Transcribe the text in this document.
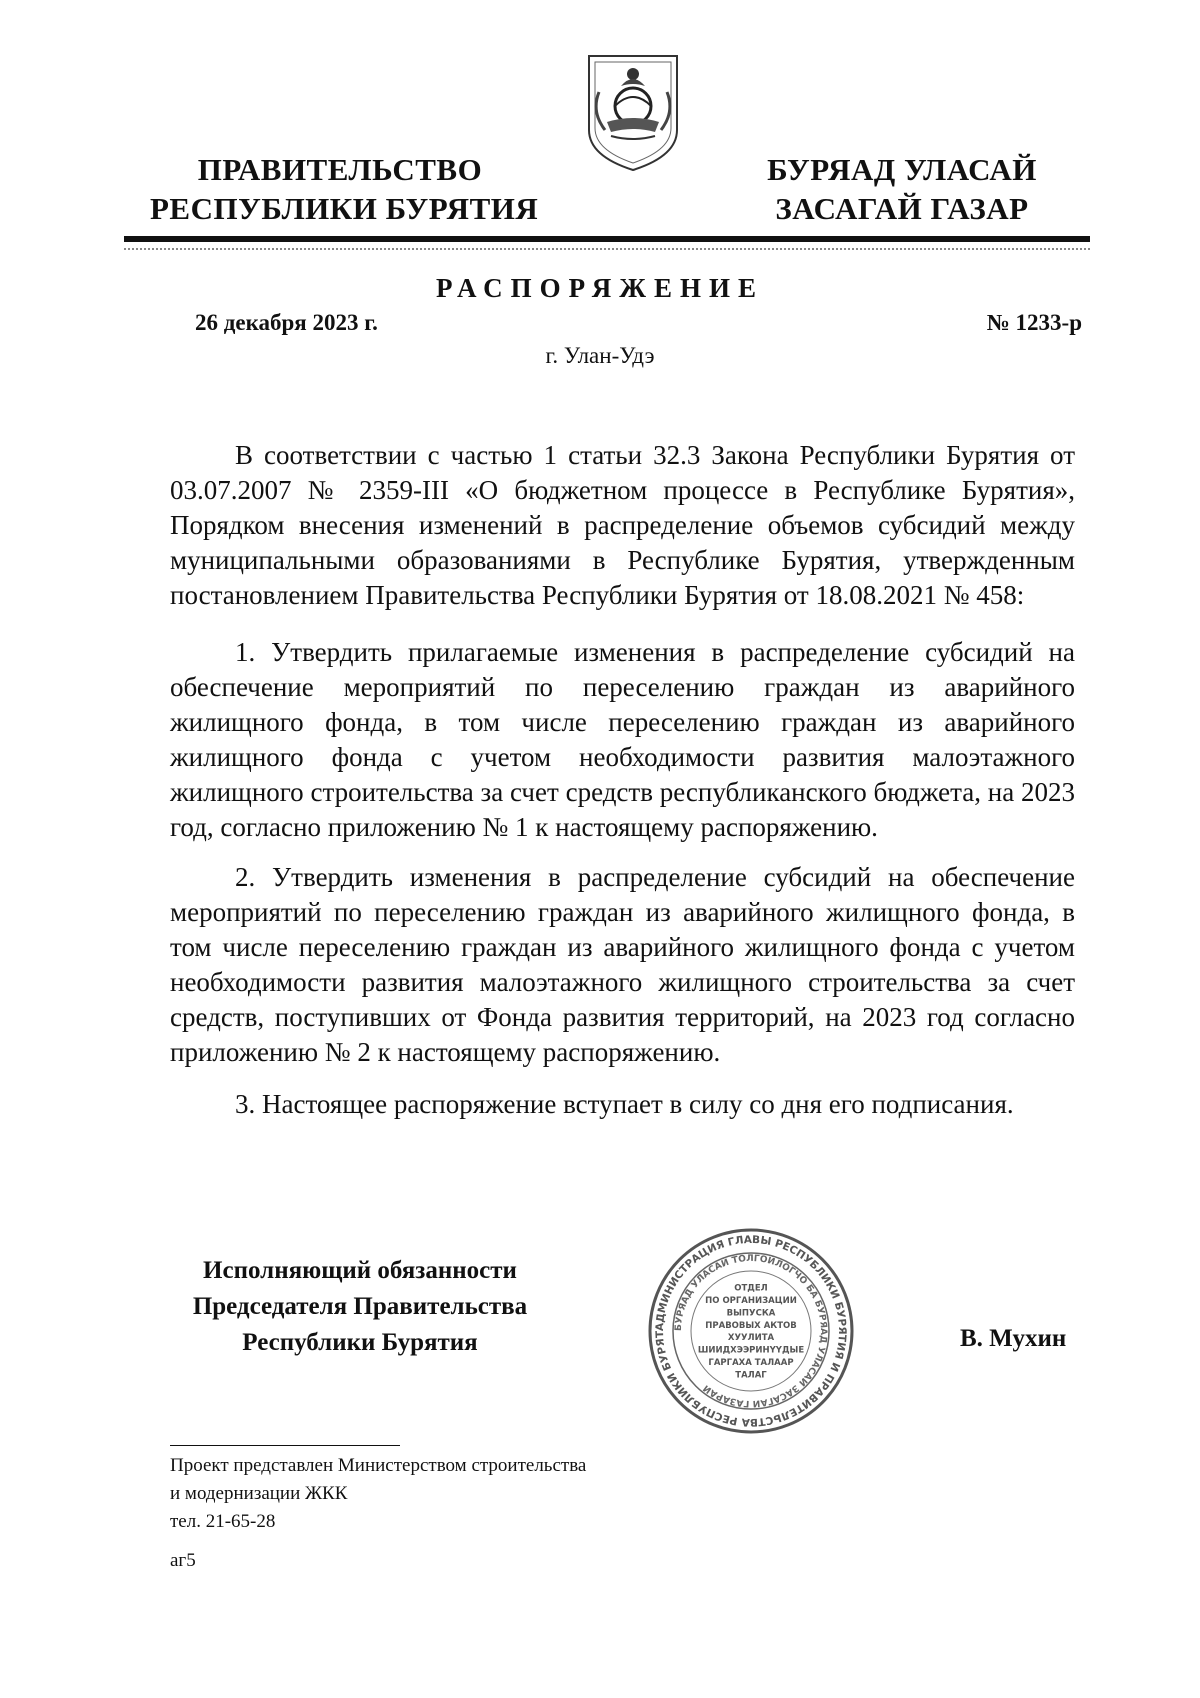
ПРАВИТЕЛЬСТВО
РЕСПУБЛИКИ БУРЯТИЯ
БУРЯАД УЛАСАЙ
ЗАСАГАЙ ГАЗАР
РАСПОРЯЖЕНИЕ
26 декабря 2023 г.	№ 1233-р
г. Улан-Удэ

В соответствии с частью 1 статьи 32.3 Закона Республики Бурятия от 03.07.2007 № 2359-III «О бюджетном процессе в Республике Бурятия», Порядком внесения изменений в распределение объемов субсидий между муниципальными образованиями в Республике Бурятия, утвержденным постановлением Правительства Республики Бурятия от 18.08.2021 № 458:

1. Утвердить прилагаемые изменения в распределение субсидий на обеспечение мероприятий по переселению граждан из аварийного жилищного фонда, в том числе переселению граждан из аварийного жилищного фонда с учетом необходимости развития малоэтажного жилищного строительства за счет средств республиканского бюджета, на 2023 год, согласно приложению № 1 к настоящему распоряжению.

2. Утвердить изменения в распределение субсидий на обеспечение мероприятий по переселению граждан из аварийного жилищного фонда, в том числе переселению граждан из аварийного жилищного фонда с учетом необходимости развития малоэтажного жилищного строительства за счет средств, поступивших от Фонда развития территорий, на 2023 год согласно приложению № 2 к настоящему распоряжению.

3. Настоящее распоряжение вступает в силу со дня его подписания.

Исполняющий обязанности
Председателя Правительства
Республики Бурятия	В. Мухин
АДМИНИСТРАЦИЯ ГЛАВЫ РЕСПУБЛИКИ БУРЯТИЯ И ПРАВИТЕЛЬСТВА РЕСПУБЛИКИ БУРЯТ
БУРЯАД УЛАСАЙ ТОЛГОЙЛОГЧО БА БУРЯАД УЛАСАЙ ЗАСАГАЙ ГАЗАРАЙ
ОТДЕЛ
ПО ОРГАНИЗАЦИИ
ВЫПУСКА
ПРАВОВЫХ АКТОВ
ХУУЛИТА
ШИИДХЭЭРИНҮҮДЫЕ
ГАРГАХА ТАЛААР
ТАЛАГ
Проект представлен Министерством строительства
и модернизации ЖКК
тел. 21-65-28
аг5
